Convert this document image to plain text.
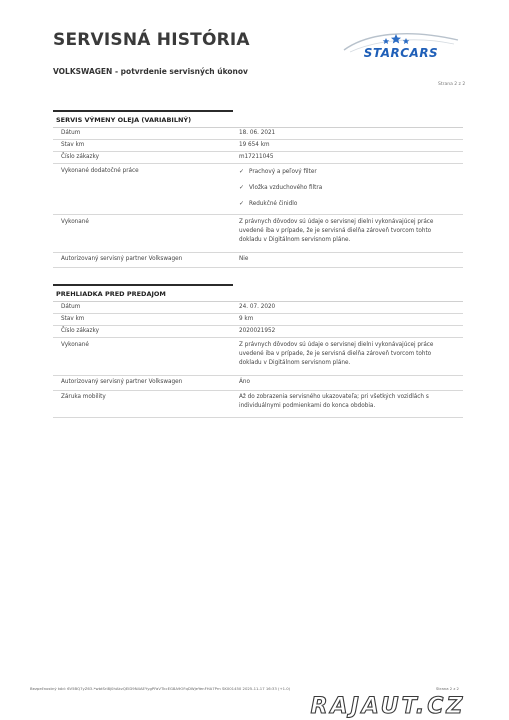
SERVISNÁ HISTÓRIA
VOLKSWAGEN - potvrdenie servisných úkonov
STARCARS
Strana 2 z 2
SERVIS VÝMENY OLEJA (VARIABILNÝ)
Dátum	18. 06. 2021
Stav km	19 654 km
Číslo zákazky	m17211045
Vykonané dodatočné práce	✓ Prachový a peľový filter
✓ Vložka vzduchového filtra
✓ Redukčné činidlo
Vykonané	Z právnych dôvodov sú údaje o servisnej dielni vykonávajúcej práce uvedené iba v prípade, že je servisná dielňa zároveň tvorcom tohto dokladu v Digitálnom servisnom pláne.

Autorizovaný servisný partner Volkswagen	Nie
PREHLIADKA PRED PREDAJOM
Dátum	24. 07. 2020
Stav km	9 km
Číslo zákazky	2020021952
Vykonané	Z právnych dôvodov sú údaje o servisnej dielni vykonávajúcej práce uvedené iba v prípade, že je servisná dielňa zároveň tvorcom tohto dokladu v Digitálnom servisnom pláne.

Autorizovaný servisný partner Volkswagen	Áno
Záruka mobility	Až do zobrazenia servisného ukazovateľa; pri všetkých vozidlách s individuálnymi podmienkami do konca obdobia.

Bezpečnostný kód: 6V5BQ7yZ63-*wbtSrI8j0hAkvQElD9N4AEYygPFaVTkcEG8A9OFqDWjeYenFHA7Prn SK001450 2025-11-17 16:33 (+1.0)	Strana 2 z 2
RAJAUT.CZ
